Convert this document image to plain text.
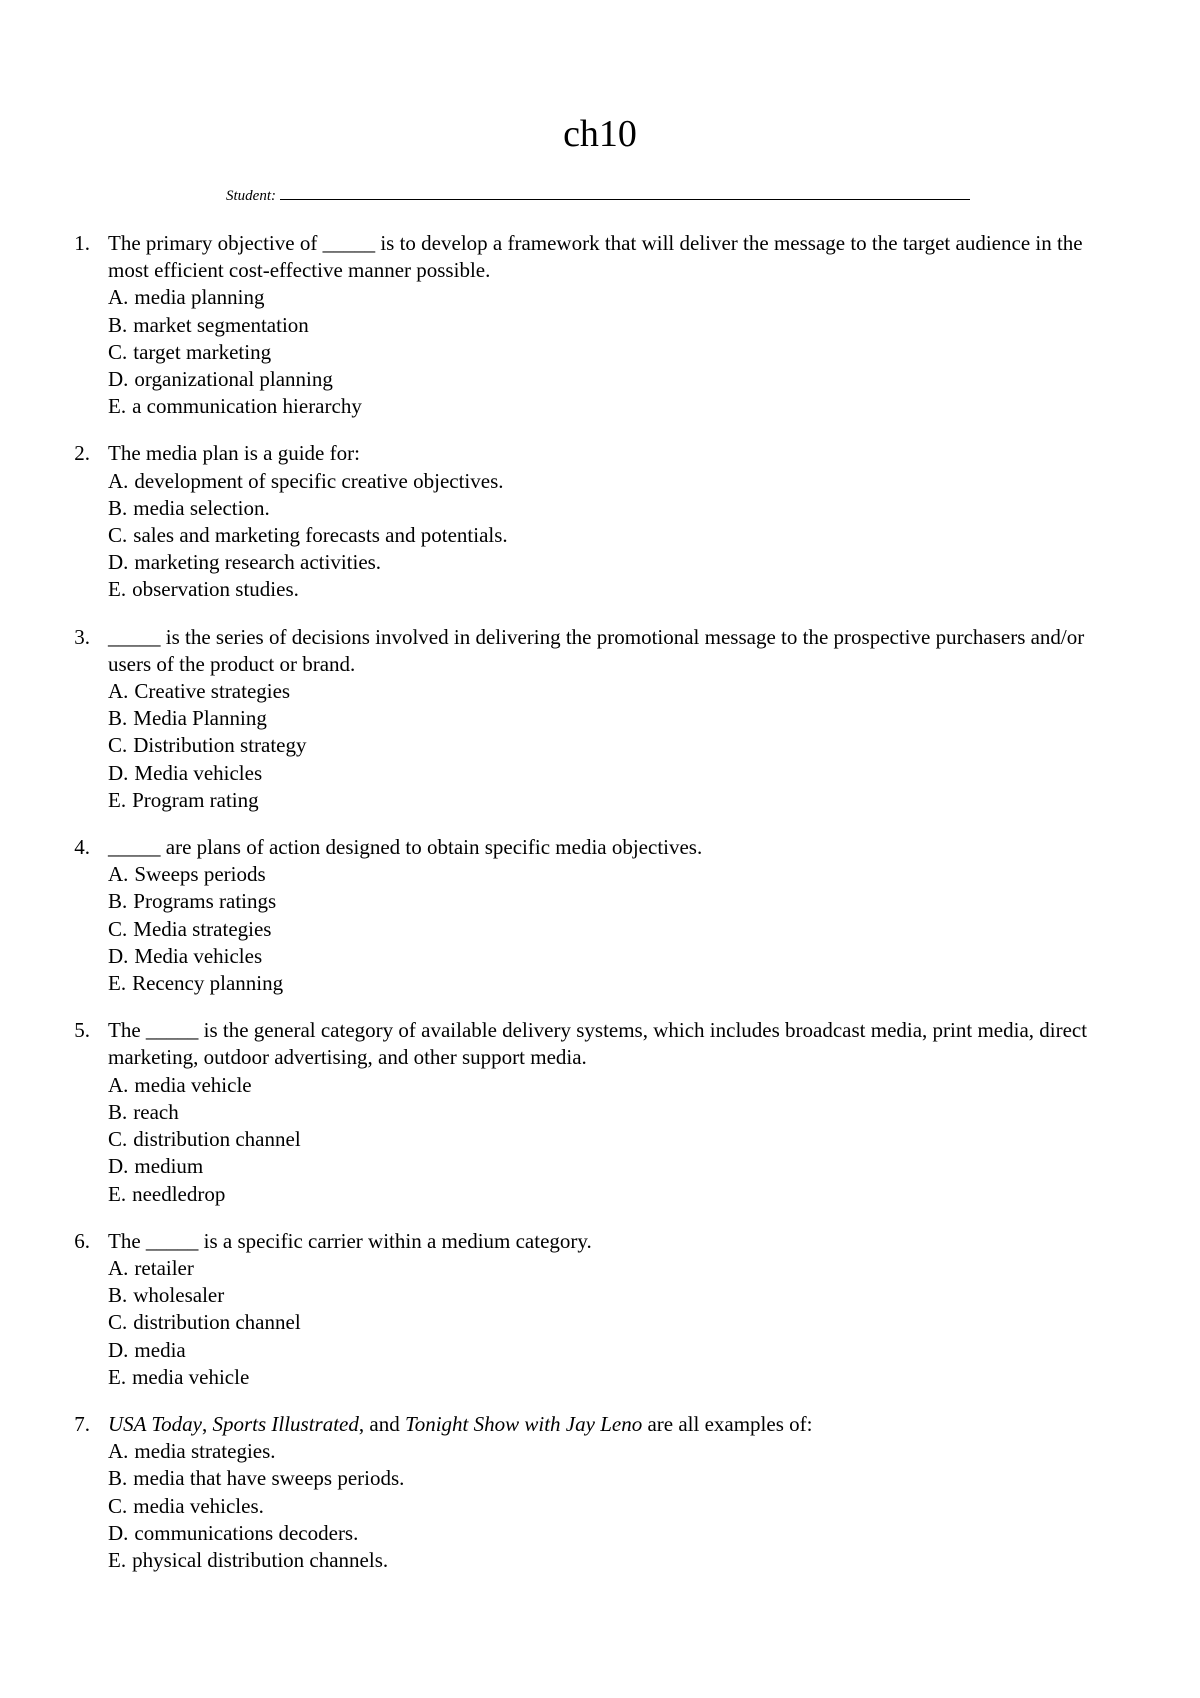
ch10
Student:
1. The primary objective of _____ is to develop a framework that will deliver the message to the target audience in the most efficient cost-effective manner possible.
A. media planning
B. market segmentation
C. target marketing
D. organizational planning
E. a communication hierarchy
2. The media plan is a guide for:
A. development of specific creative objectives.
B. media selection.
C. sales and marketing forecasts and potentials.
D. marketing research activities.
E. observation studies.
3. _____ is the series of decisions involved in delivering the promotional message to the prospective purchasers and/or users of the product or brand.
A. Creative strategies
B. Media Planning
C. Distribution strategy
D. Media vehicles
E. Program rating
4. _____ are plans of action designed to obtain specific media objectives.
A. Sweeps periods
B. Programs ratings
C. Media strategies
D. Media vehicles
E. Recency planning
5. The _____ is the general category of available delivery systems, which includes broadcast media, print media, direct marketing, outdoor advertising, and other support media.
A. media vehicle
B. reach
C. distribution channel
D. medium
E. needledrop
6. The _____ is a specific carrier within a medium category.
A. retailer
B. wholesaler
C. distribution channel
D. media
E. media vehicle
7. USA Today, Sports Illustrated, and Tonight Show with Jay Leno are all examples of:
A. media strategies.
B. media that have sweeps periods.
C. media vehicles.
D. communications decoders.
E. physical distribution channels.
